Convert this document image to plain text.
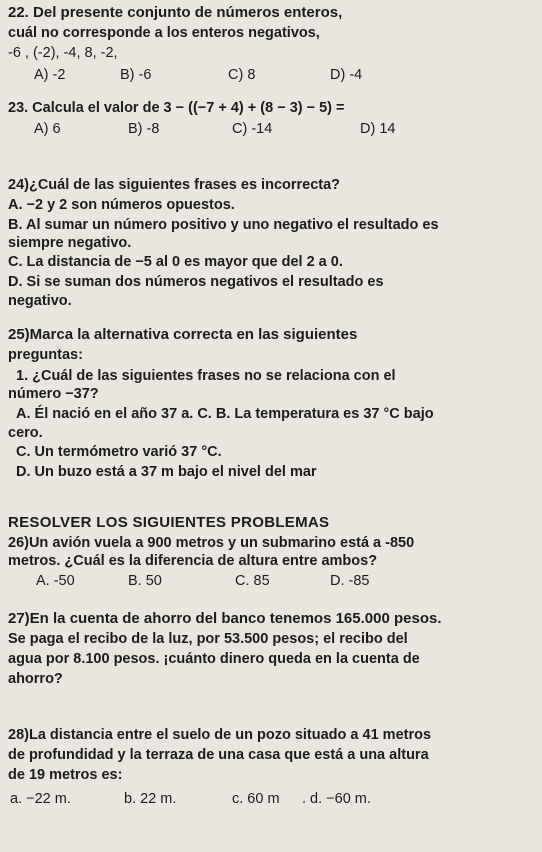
22. Del presente conjunto de números enteros,
cuál no corresponde a los enteros negativos,
-6 , (-2), -4, 8, -2,
A) -2	B) -6	C) 8	D) -4
23. Calcula el valor de 3 − ((−7 + 4) + (8 − 3) − 5) =
A) 6	B) -8	C) -14	D) 14
24)¿Cuál de las siguientes frases es incorrecta?
A. −2 y 2 son números opuestos.
B. Al sumar un número positivo y uno negativo el resultado es
siempre negativo.
C. La distancia de −5 al 0 es mayor que del 2 a 0.
D. Si se suman dos números negativos el resultado es
negativo.
25)Marca la alternativa correcta en las siguientes
preguntas:
1. ¿Cuál de las siguientes frases no se relaciona con el
número −37?
A. Él nació en el año 37 a. C. B. La temperatura es 37 °C bajo
cero.
C. Un termómetro varió 37 °C.
D. Un buzo está a 37 m bajo el nivel del mar
RESOLVER LOS SIGUIENTES PROBLEMAS
26)Un avión vuela a 900 metros y un submarino está a -850
metros. ¿Cuál es la diferencia de altura entre ambos?
A. -50	B. 50	C. 85	D. -85
27)En la cuenta de ahorro del banco tenemos 165.000 pesos.
Se paga el recibo de la luz, por 53.500 pesos; el recibo del
agua por 8.100 pesos. ¡cuánto dinero queda en la cuenta de
ahorro?
28)La distancia entre el suelo de un pozo situado a 41 metros
de profundidad y la terraza de una casa que está a una altura
de 19 metros es:
a. −22 m.	b. 22 m.	c. 60 m . d. −60 m.
